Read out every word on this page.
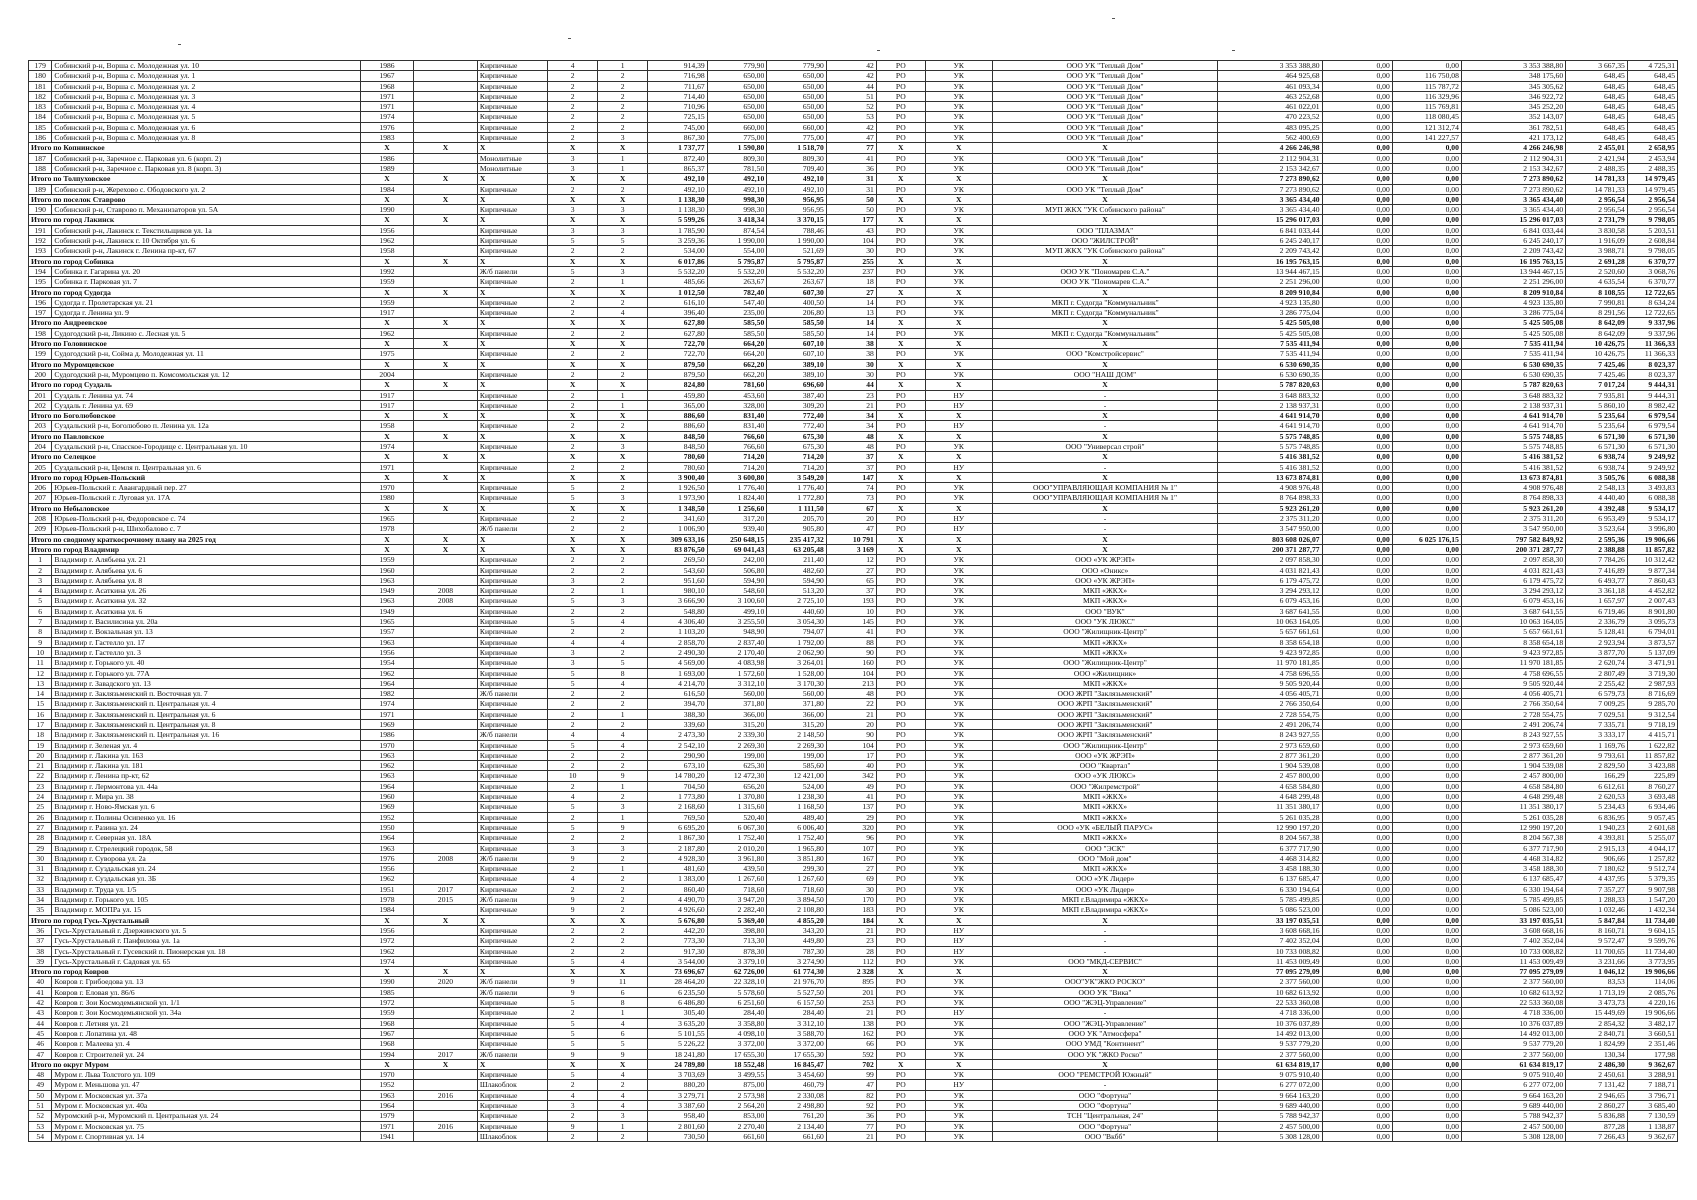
179	Собинский р-н, Ворша с. Молодежная ул. 10	1986		Кирпичные	4	1	914,39	779,90	779,90	42	РО	УК	ООО УК "Теплый Дом"	3 353 388,80	0,00	0,00	3 353 388,80	3 667,35	4 725,31
180	Собинский р-н, Ворша с. Молодежная ул. 1	1967		Кирпичные	2	2	716,98	650,00	650,00	42	РО	УК	ООО УК "Теплый Дом"	464 925,68	0,00	116 750,08	348 175,60	648,45	648,45
181	Собинский р-н, Ворша с. Молодежная ул. 2	1968		Кирпичные	2	2	711,67	650,00	650,00	44	РО	УК	ООО УК "Теплый Дом"	461 093,34	0,00	115 787,72	345 305,62	648,45	648,45
182	Собинский р-н, Ворша с. Молодежная ул. 3	1971		Кирпичные	2	2	714,40	650,00	650,00	51	РО	УК	ООО УК "Теплый Дом"	463 252,68	0,00	116 329,96	346 922,72	648,45	648,45
183	Собинский р-н, Ворша с. Молодежная ул. 4	1971		Кирпичные	2	2	710,96	650,00	650,00	52	РО	УК	ООО УК "Теплый Дом"	461 022,01	0,00	115 769,81	345 252,20	648,45	648,45
184	Собинский р-н, Ворша с. Молодежная ул. 5	1974		Кирпичные	2	2	725,15	650,00	650,00	53	РО	УК	ООО УК "Теплый Дом"	470 223,52	0,00	118 080,45	352 143,07	648,45	648,45
185	Собинский р-н, Ворша с. Молодежная ул. 6	1976		Кирпичные	2	2	745,00	660,00	660,00	42	РО	УК	ООО УК "Теплый Дом"	483 095,25	0,00	121 312,74	361 782,51	648,45	648,45
186	Собинский р-н, Ворша с. Молодежная ул. 8	1983		Кирпичные	2	3	867,30	775,00	775,00	47	РО	УК	ООО УК "Теплый Дом"	562 400,69	0,00	141 227,57	421 173,12	648,45	648,45
Итого по Копнинское		X	X	X	X	X	1 737,77	1 590,80	1 518,70	77	X	X	X	4 266 246,98	0,00	0,00	4 266 246,98	2 455,01	2 658,95
187	Собинский р-н, Заречное с. Парковая ул. 6 (корп. 2)	1986		Монолитные	3	1	872,40	809,30	809,30	41	РО	УК	ООО УК "Теплый Дом"	2 112 904,31	0,00	0,00	2 112 904,31	2 421,94	2 453,94
188	Собинский р-н, Заречное с. Парковая ул. 8 (корп. 3)	1989		Монолитные	3	1	865,37	781,50	709,40	36	РО	УК	ООО УК "Теплый Дом"	2 153 342,67	0,00	0,00	2 153 342,67	2 488,35	2 488,35
Итого по Толпуховское		X	X	X	X	X	492,10	492,10	492,10	31	X	X	X	7 273 890,62	0,00	0,00	7 273 890,62	14 781,33	14 979,45
189	Собинский р-н, Жерехово с. Ободовского ул. 2	1984		Кирпичные	2	2	492,10	492,10	492,10	31	РО	УК	ООО УК "Теплый Дом"	7 273 890,62	0,00	0,00	7 273 890,62	14 781,33	14 979,45
Итого по поселок Ставрово		X	X	X	X	X	1 138,30	998,30	956,95	50	X	X	X	3 365 434,40	0,00	0,00	3 365 434,40	2 956,54	2 956,54
190	Собинский р-н, Ставрово п. Механизаторов ул. 5А	1990		Кирпичные	3	3	1 138,30	998,30	956,95	50	РО	УК	МУП ЖКХ "УК Собинского района"	3 365 434,40	0,00	0,00	3 365 434,40	2 956,54	2 956,54
Итого по город Лакинск		X	X	X	X	X	5 599,26	3 418,34	3 370,15	177	X	X	X	15 296 017,03	0,00	0,00	15 296 017,03	2 731,79	9 798,05
191	Собинский р-н, Лакинск г. Текстильщиков ул. 1а	1956		Кирпичные	3	3	1 785,90	874,54	788,46	43	РО	УК	ООО "ПЛАЗМА"	6 841 033,44	0,00	0,00	6 841 033,44	3 830,58	5 203,51
192	Собинский р-н, Лакинск г. 10 Октября ул. 6	1962		Кирпичные	5	5	3 259,36	1 990,00	1 990,00	104	РО	УК	ООО "ЖИЛСТРОЙ"	6 245 240,17	0,00	0,00	6 245 240,17	1 916,09	2 608,84
193	Собинский р-н, Лакинск г. Ленина пр-кт, 67	1958		Кирпичные	2	2	534,00	554,00	521,69	30	РО	УК	МУП ЖКХ "УК Собинского района"	2 209 743,42	0,00	0,00	2 209 743,42	3 988,71	9 798,05
Итого по город Собинка		X	X	X	X	X	6 017,86	5 795,87	5 795,87	255	X	X	X	16 195 763,15	0,00	0,00	16 195 763,15	2 691,28	6 370,77
194	Собинка г. Гагарина ул. 20	1992		Ж/б панели	5	3	5 532,20	5 532,20	5 532,20	237	РО	УК	ООО УК "Пономарев С.А."	13 944 467,15	0,00	0,00	13 944 467,15	2 520,60	3 068,76
195	Собинка г. Парковая ул. 7	1959		Кирпичные	2	1	485,66	263,67	263,67	18	РО	УК	ООО УК "Пономарев С.А."	2 251 296,00	0,00	0,00	2 251 296,00	4 635,54	6 370,77
Итого по город Судогда		X	X	X	X	X	1 012,50	782,40	607,30	27	X	X	X	8 209 910,84	0,00	0,00	8 209 910,84	8 108,55	12 722,65
196	Судогда г. Пролетарская ул. 21	1959		Кирпичные	2	2	616,10	547,40	400,50	14	РО	УК	МКП г. Судогда "Коммунальник"	4 923 135,80	0,00	0,00	4 923 135,80	7 990,81	8 634,24
197	Судогда г. Ленина ул. 9	1917		Кирпичные	2	4	396,40	235,00	206,80	13	РО	УК	МКП г. Судогда "Коммунальник"	3 286 775,04	0,00	0,00	3 286 775,04	8 291,56	12 722,65
Итого по Андреевское		X	X	X	X	X	627,80	585,50	585,50	14	X	X	X	5 425 505,08	0,00	0,00	5 425 505,08	8 642,09	9 337,96
198	Судогодский р-н, Ликино с. Лесная ул. 5	1962		Кирпичные	2	2	627,80	585,50	585,50	14	РО	УК	МКП г. Судогда "Коммунальник"	5 425 505,08	0,00	0,00	5 425 505,08	8 642,09	9 337,96
Итого по Головинское		X	X	X	X	X	722,70	664,20	607,10	38	X	X	X	7 535 411,94	0,00	0,00	7 535 411,94	10 426,75	11 366,33
199	Судогодский р-н, Сойма д. Молодежная ул. 11	1975		Кирпичные	2	2	722,70	664,20	607,10	38	РО	УК	ООО "Комстройсервис"	7 535 411,94	0,00	0,00	7 535 411,94	10 426,75	11 366,33
Итого по Муромцевское		X	X	X	X	X	879,50	662,20	389,10	30	X	X	X	6 530 690,35	0,00	0,00	6 530 690,35	7 425,46	8 023,37
200	Судогодский р-н, Муромцево п. Комсомольская ул. 12	2004		Кирпичные	2	2	879,50	662,20	389,10	30	РО	УК	ООО "НАШ ДОМ"	6 530 690,35	0,00	0,00	6 530 690,35	7 425,46	8 023,37
Итого по город Суздаль		X	X	X	X	X	824,80	781,60	696,60	44	X	X	X	5 787 820,63	0,00	0,00	5 787 820,63	7 017,24	9 444,31
201	Суздаль г. Ленина ул. 74	1917		Кирпичные	2	1	459,80	453,60	387,40	23	РО	НУ	-	3 648 883,32	0,00	0,00	3 648 883,32	7 935,81	9 444,31
202	Суздаль г. Ленина ул. 69	1917		Кирпичные	2	1	365,00	328,00	309,20	21	РО	НУ	-	2 138 937,31	0,00	0,00	2 138 937,31	5 860,10	8 982,42
Итого по Боголюбовское		X	X	X	X	X	886,60	831,40	772,40	34	X	X	X	4 641 914,70	0,00	0,00	4 641 914,70	5 235,64	6 979,54
203	Суздальский р-н, Боголюбово п. Ленина ул. 12а	1958		Кирпичные	2	2	886,60	831,40	772,40	34	РО	НУ	-	4 641 914,70	0,00	0,00	4 641 914,70	5 235,64	6 979,54
Итого по Павловское		X	X	X	X	X	848,50	766,60	675,30	48	X	X	X	5 575 748,85	0,00	0,00	5 575 748,85	6 571,30	6 571,30
204	Суздальский р-н, Спасское-Городище с. Центральная ул. 10	1974		Кирпичные	2	3	848,50	766,60	675,30	48	РО	УК	ООО "Универсал строй"	5 575 748,85	0,00	0,00	5 575 748,85	6 571,30	6 571,30
Итого по Селецкое		X	X	X	X	X	780,60	714,20	714,20	37	X	X	X	5 416 381,52	0,00	0,00	5 416 381,52	6 938,74	9 249,92
205	Суздальский р-н, Цемля п. Центральная ул. 6	1971		Кирпичные	2	2	780,60	714,20	714,20	37	РО	НУ	-	5 416 381,52	0,00	0,00	5 416 381,52	6 938,74	9 249,92
Итого по город Юрьев-Польский		X	X	X	X	X	3 900,40	3 600,80	3 549,20	147	X	X	X	13 673 874,81	0,00	0,00	13 673 874,81	3 505,76	6 088,38
206	Юрьев-Польский г. Авангардный пер. 27	1970		Кирпичные	5	2	1 926,50	1 776,40	1 776,40	74	РО	УК	ООО"УПРАВЛЯЮЩАЯ КОМПАНИЯ № 1"	4 908 976,48	0,00	0,00	4 908 976,48	2 548,13	3 493,83
207	Юрьев-Польский г. Луговая ул. 17А	1980		Кирпичные	5	3	1 973,90	1 824,40	1 772,80	73	РО	УК	ООО"УПРАВЛЯЮЩАЯ КОМПАНИЯ № 1"	8 764 898,33	0,00	0,00	8 764 898,33	4 440,40	6 088,38
Итого по Небыловское		X	X	X	X	X	1 348,50	1 256,60	1 111,50	67	X	X	X	5 923 261,20	0,00	0,00	5 923 261,20	4 392,48	9 534,17
208	Юрьев-Польский р-н, Федоровское с. 74	1965		Кирпичные	2	2	341,60	317,20	205,70	20	РО	НУ	-	2 375 311,20	0,00	0,00	2 375 311,20	6 953,49	9 534,17
209	Юрьев-Польский р-н, Шихобалово с. 7	1978		Ж/б панели	2	2	1 006,90	939,40	905,80	47	РО	НУ	-	3 547 950,00	0,00	0,00	3 547 950,00	3 523,64	3 996,80
Итого по сводному краткосрочному плану на 2025 год		X	X	X	X	X	309 633,16	250 648,15	235 417,32	10 791	X	X	X	803 608 026,07	0,00	6 025 176,15	797 582 849,92	2 595,36	19 906,66
Итого по город Владимир		X	X	X	X	X	83 876,50	69 041,43	63 205,48	3 169	X	X	X	200 371 287,77	0,00	0,00	200 371 287,77	2 388,88	11 857,82
1	Владимир г. Алябьева ул. 21	1959		Кирпичные	2	2	269,50	242,00	211,40	12	РО	УК	ООО «УК ЖРЭП»	2 097 858,30	0,00	0,00	2 097 858,30	7 784,26	10 312,42
2	Владимир г. Алябьева ул. 6	1960		Кирпичные	2	2	543,60	506,80	482,60	27	РО	УК	ООО «Оникс»	4 031 821,43	0,00	0,00	4 031 821,43	7 416,89	9 877,34
3	Владимир г. Алябьева ул. 8	1963		Кирпичные	3	2	951,60	594,90	594,90	65	РО	УК	ООО «УК ЖРЭП»	6 179 475,72	0,00	0,00	6 179 475,72	6 493,77	7 860,43
4	Владимир г. Асаткина ул. 26	1949	2008	Кирпичные	2	1	980,10	548,60	513,20	37	РО	УК	МКП «ЖКХ»	3 294 293,12	0,00	0,00	3 294 293,12	3 361,18	4 452,82
5	Владимир г. Асаткина ул. 32	1963	2008	Кирпичные	5	3	3 666,90	3 100,60	2 725,10	193	РО	УК	МКП «ЖКХ»	6 079 453,16	0,00	0,00	6 079 453,16	1 657,97	2 007,43
6	Владимир г. Асаткина ул. 6	1949		Кирпичные	2	2	548,80	499,10	440,60	10	РО	УК	ООО "ВУК"	3 687 641,55	0,00	0,00	3 687 641,55	6 719,46	8 901,80
7	Владимир г. Василисина ул. 20а	1965		Кирпичные	5	4	4 306,40	3 255,50	3 054,30	145	РО	УК	ООО "УК ЛЮКС"	10 063 164,05	0,00	0,00	10 063 164,05	2 336,79	3 095,73
8	Владимир г. Вокзальная ул. 13	1957		Кирпичные	2	2	1 103,20	948,90	794,07	41	РО	УК	ООО "Жилищник-Центр"	5 657 661,61	0,00	0,00	5 657 661,61	5 128,41	6 794,01
9	Владимир г. Гастелло ул. 17	1963		Кирпичные	4	4	2 858,70	2 837,40	1 792,00	88	РО	УК	МКП «ЖКХ»	8 358 654,18	0,00	0,00	8 358 654,18	2 923,94	3 873,57
10	Владимир г. Гастелло ул. 3	1956		Кирпичные	3	2	2 490,30	2 170,40	2 062,90	90	РО	УК	МКП «ЖКХ»	9 423 972,85	0,00	0,00	9 423 972,85	3 877,70	5 137,09
11	Владимир г. Горького ул. 40	1954		Кирпичные	3	5	4 569,00	4 083,98	3 264,01	160	РО	УК	ООО "Жилищник-Центр"	11 970 181,85	0,00	0,00	11 970 181,85	2 620,74	3 471,91
12	Владимир г. Горького ул. 77А	1962		Кирпичные	5	8	1 693,00	1 572,60	1 528,00	104	РО	УК	ООО «Жилищник»	4 758 696,55	0,00	0,00	4 758 696,55	2 807,49	3 719,30
13	Владимир г. Завадского ул. 13	1964		Кирпичные	5	4	4 214,70	3 312,10	3 170,30	213	РО	УК	МКП «ЖКХ»	9 505 920,44	0,00	0,00	9 505 920,44	2 255,42	2 987,93
14	Владимир г. Заклязьменский п. Восточная ул. 7	1982		Ж/б панели	2	2	616,50	560,00	560,00	48	РО	УК	ООО ЖРП "Заклязьменский"	4 056 405,71	0,00	0,00	4 056 405,71	6 579,73	8 716,69
15	Владимир г. Заклязьменский п. Центральная ул. 4	1974		Кирпичные	2	2	394,70	371,80	371,80	22	РО	УК	ООО ЖРП "Заклязьменский"	2 766 350,64	0,00	0,00	2 766 350,64	7 009,25	9 285,70
16	Владимир г. Заклязьменский п. Центральная ул. 6	1971		Кирпичные	2	1	388,30	366,00	366,00	21	РО	УК	ООО ЖРП "Заклязьменский"	2 728 554,75	0,00	0,00	2 728 554,75	7 029,51	9 312,54
17	Владимир г. Заклязьменский п. Центральная ул. 8	1969		Кирпичные	2	2	339,60	315,20	315,20	20	РО	УК	ООО ЖРП "Заклязьменский"	2 491 206,74	0,00	0,00	2 491 206,74	7 335,71	9 718,19
18	Владимир г. Заклязьменский п. Центральная ул. 16	1986		Ж/б панели	4	4	2 473,30	2 339,30	2 148,50	90	РО	УК	ООО ЖРП "Заклязьменский"	8 243 927,55	0,00	0,00	8 243 927,55	3 333,17	4 415,71
19	Владимир г. Зеленая ул. 4	1970		Кирпичные	5	4	2 542,10	2 269,30	2 269,30	104	РО	УК	ООО "Жилищник-Центр"	2 973 659,60	0,00	0,00	2 973 659,60	1 169,76	1 622,82
20	Владимир г. Лакина ул. 163	1963		Кирпичные	2	2	290,90	199,00	199,00	17	РО	УК	ООО «УК ЖРЭП»	2 877 361,20	0,00	0,00	2 877 361,20	9 793,61	11 857,82
21	Владимир г. Лакина ул. 181	1962		Кирпичные	2	2	673,10	625,30	585,60	40	РО	УК	ООО "Квартал"	1 904 539,08	0,00	0,00	1 904 539,08	2 829,50	3 423,88
22	Владимир г. Ленина пр-кт, 62	1963		Кирпичные	10	9	14 780,20	12 472,30	12 421,00	342	РО	УК	ООО «УК ЛЮКС»	2 457 800,00	0,00	0,00	2 457 800,00	166,29	225,89
23	Владимир г. Лермонтова ул. 44а	1964		Кирпичные	2	1	704,50	656,20	524,00	49	РО	УК	ООО "Жилремстрой"	4 658 584,80	0,00	0,00	4 658 584,80	6 612,61	8 760,27
24	Владимир г. Мира ул. 38	1960		Кирпичные	4	2	1 773,80	1 370,80	1 238,30	41	РО	УК	МКП «ЖКХ»	4 648 299,48	0,00	0,00	4 648 299,48	2 620,53	3 693,48
25	Владимир г. Ново-Ямская ул. 6	1969		Кирпичные	5	3	2 168,60	1 315,60	1 168,50	137	РО	УК	МКП «ЖКХ»	11 351 380,17	0,00	0,00	11 351 380,17	5 234,43	6 934,46
26	Владимир г. Полины Осипенко ул. 16	1952		Кирпичные	2	1	769,50	520,40	489,40	29	РО	УК	МКП «ЖКХ»	5 261 035,28	0,00	0,00	5 261 035,28	6 836,95	9 057,45
27	Владимир г. Разина ул. 24	1950		Кирпичные	5	9	6 695,20	6 067,30	6 006,40	320	РО	УК	ООО «УК «БЕЛЫЙ ПАРУС»	12 990 197,20	0,00	0,00	12 990 197,20	1 940,23	2 601,68
28	Владимир г. Северная ул. 18А	1964		Кирпичные	2	2	1 867,30	1 752,40	1 752,40	96	РО	УК	МКП «ЖКХ»	8 204 567,38	0,00	0,00	8 204 567,38	4 393,81	5 255,07
29	Владимир г. Стрелецкий городок, 58	1963		Кирпичные	3	3	2 187,80	2 010,20	1 965,80	107	РО	УК	ООО "ЭСК"	6 377 717,90	0,00	0,00	6 377 717,90	2 915,13	4 044,17
30	Владимир г. Суворова ул. 2а	1976	2008	Ж/б панели	9	2	4 928,30	3 961,80	3 851,80	167	РО	УК	ООО "Мой дом"	4 468 314,82	0,00	0,00	4 468 314,82	906,66	1 257,82
31	Владимир г. Суздальская ул. 24	1956		Кирпичные	2	1	481,60	439,50	299,30	27	РО	УК	МКП «ЖКХ»	3 458 188,30	0,00	0,00	3 458 188,30	7 180,62	9 512,74
32	Владимир г. Суздальская ул. 3Б	1962		Кирпичные	4	2	1 383,00	1 267,60	1 267,60	69	РО	УК	ООО «УК Лидер»	6 137 685,47	0,00	0,00	6 137 685,47	4 437,95	5 379,35
33	Владимир г. Труда ул. 1/5	1951	2017	Кирпичные	2	2	860,40	718,60	718,60	30	РО	УК	ООО «УК Лидер»	6 330 194,64	0,00	0,00	6 330 194,64	7 357,27	9 907,98
34	Владимир г. Горького ул. 105	1978	2015	Ж/б панели	9	2	4 490,70	3 947,20	3 894,50	170	РО	УК	МКП г.Владимира «ЖКХ»	5 785 499,85	0,00	0,00	5 785 499,85	1 288,33	1 547,20
35	Владимир г. МОПРа ул. 15	1984		Кирпичные	9	2	4 926,60	2 282,40	2 108,80	183	РО	УК	МКП г.Владимира «ЖКХ»	5 086 523,00	0,00	0,00	5 086 523,00	1 032,46	1 432,34
Итого по город Гусь-Хрустальный		X	X	X	X	X	5 676,80	5 369,40	4 855,20	184	X	X	X	33 197 035,51	0,00	0,00	33 197 035,51	5 847,84	11 734,40
36	Гусь-Хрустальный г. Дзержинского ул. 5	1956		Кирпичные	2	2	442,20	398,80	343,20	21	РО	НУ	-	3 608 668,16	0,00	0,00	3 608 668,16	8 160,71	9 604,15
37	Гусь-Хрустальный г. Панфилова ул. 1а	1972		Кирпичные	2	2	773,30	713,30	449,80	23	РО	НУ	-	7 402 352,04	0,00	0,00	7 402 352,04	9 572,47	9 599,76
38	Гусь-Хрустальный г. Гусевский п. Пионерская ул. 18	1962		Кирпичные	2	2	917,30	878,30	787,30	28	РО	НУ	-	10 733 008,82	0,00	0,00	10 733 008,82	11 700,65	11 734,40
39	Гусь-Хрустальный г. Садовая ул. 65	1974		Кирпичные	5	4	3 544,00	3 379,10	3 274,90	112	РО	УК	ООО "МКД-СЕРВИС"	11 453 009,49	0,00	0,00	11 453 009,49	3 231,66	3 773,95
Итого по город Ковров		X	X	X	X	X	73 696,67	62 726,00	61 774,30	2 328	X	X	X	77 095 279,09	0,00	0,00	77 095 279,09	1 046,12	19 906,66
40	Ковров г. Грибоедова ул. 13	1990	2020	Ж/б панели	9	11	28 464,20	22 328,10	21 976,70	895	РО	УК	ООО"УК"ЖКО РОСКО"	2 377 560,00	0,00	0,00	2 377 560,00	83,53	114,06
41	Ковров г. Еловая ул. 86/6	1985		Ж/б панели	9	6	6 235,50	5 578,60	5 527,50	201	РО	УК	ООО УК "Вика"	10 682 613,92	0,00	0,00	10 682 613,92	1 713,19	2 085,76
42	Ковров г. Зои Космодемьянской ул. 1/1	1972		Кирпичные	5	8	6 486,80	6 251,60	6 157,50	253	РО	УК	ООО "ЖЭЦ-Управление"	22 533 360,08	0,00	0,00	22 533 360,08	3 473,73	4 220,16
43	Ковров г. Зои Космодемьянской ул. 34а	1959		Кирпичные	2	1	305,40	284,40	284,40	21	РО	НУ	-	4 718 336,00	0,00	0,00	4 718 336,00	15 449,69	19 906,66
44	Ковров г. Летняя ул. 21	1968		Кирпичные	5	4	3 635,20	3 358,80	3 312,10	138	РО	УК	ООО "ЖЭЦ-Управление"	10 376 037,89	0,00	0,00	10 376 037,89	2 854,32	3 482,17
45	Ковров г. Лопатина ул. 48	1967		Кирпичные	5	6	5 101,55	4 098,10	3 588,70	162	РО	УК	ООО УК "Атмосфера"	14 492 013,00	0,00	0,00	14 492 013,00	2 840,71	3 660,51
46	Ковров г. Малеева ул. 4	1968		Кирпичные	5	5	5 226,22	3 372,00	3 372,00	66	РО	УК	ООО УМД "Континент"	9 537 779,20	0,00	0,00	9 537 779,20	1 824,99	2 351,46
47	Ковров г. Строителей ул. 24	1994	2017	Ж/б панели	9	9	18 241,80	17 655,30	17 655,30	592	РО	УК	ООО УК "ЖКО Роско"	2 377 560,00	0,00	0,00	2 377 560,00	130,34	177,98
Итого по округ Муром		X	X	X	X	X	24 789,80	18 552,48	16 845,47	702	X	X	X	61 634 819,17	0,00	0,00	61 634 819,17	2 486,30	9 362,67
48	Муром г. Льва Толстого ул. 109	1970		Кирпичные	5	4	3 703,69	3 499,55	3 454,60	99	РО	УК	ООО "РЕМСТРОЙ Южный"	9 075 910,40	0,00	0,00	9 075 910,40	2 450,61	3 288,91
49	Муром г. Меньшова ул. 47	1952		Шлакоблок	2	2	880,20	875,00	460,79	47	РО	НУ	-	6 277 072,00	0,00	0,00	6 277 072,00	7 131,42	7 188,71
50	Муром г. Московская ул. 37а	1963	2016	Кирпичные	4	4	3 279,71	2 573,98	2 330,08	82	РО	УК	ООО "Фортуна"	9 664 163,20	0,00	0,00	9 664 163,20	2 946,65	3 796,71
51	Муром г. Московская ул. 40а	1964		Кирпичные	3	4	3 387,60	2 564,20	2 498,80	92	РО	УК	ООО "Фортуна"	9 689 440,00	0,00	0,00	9 689 440,00	2 860,27	3 685,40
52	Муромский р-н, Муромский п. Центральная ул. 24	1979		Кирпичные	2	3	958,40	853,00	761,20	36	РО	УК	ТСН "Центральная, 24"	5 788 942,37	0,00	0,00	5 788 942,37	5 836,88	7 130,59
53	Муром г. Московская ул. 75	1971	2016	Кирпичные	9	1	2 801,60	2 270,40	2 134,40	77	РО	УК	ООО "Фортуна"	2 457 500,00	0,00	0,00	2 457 500,00	877,28	1 138,87
54	Муром г. Спортивная ул. 14	1941		Шлакоблок	2	2	730,50	661,60	661,60	21	РО	УК	ООО "Вкбб"	5 308 128,00	0,00	0,00	5 308 128,00	7 266,43	9 362,67
